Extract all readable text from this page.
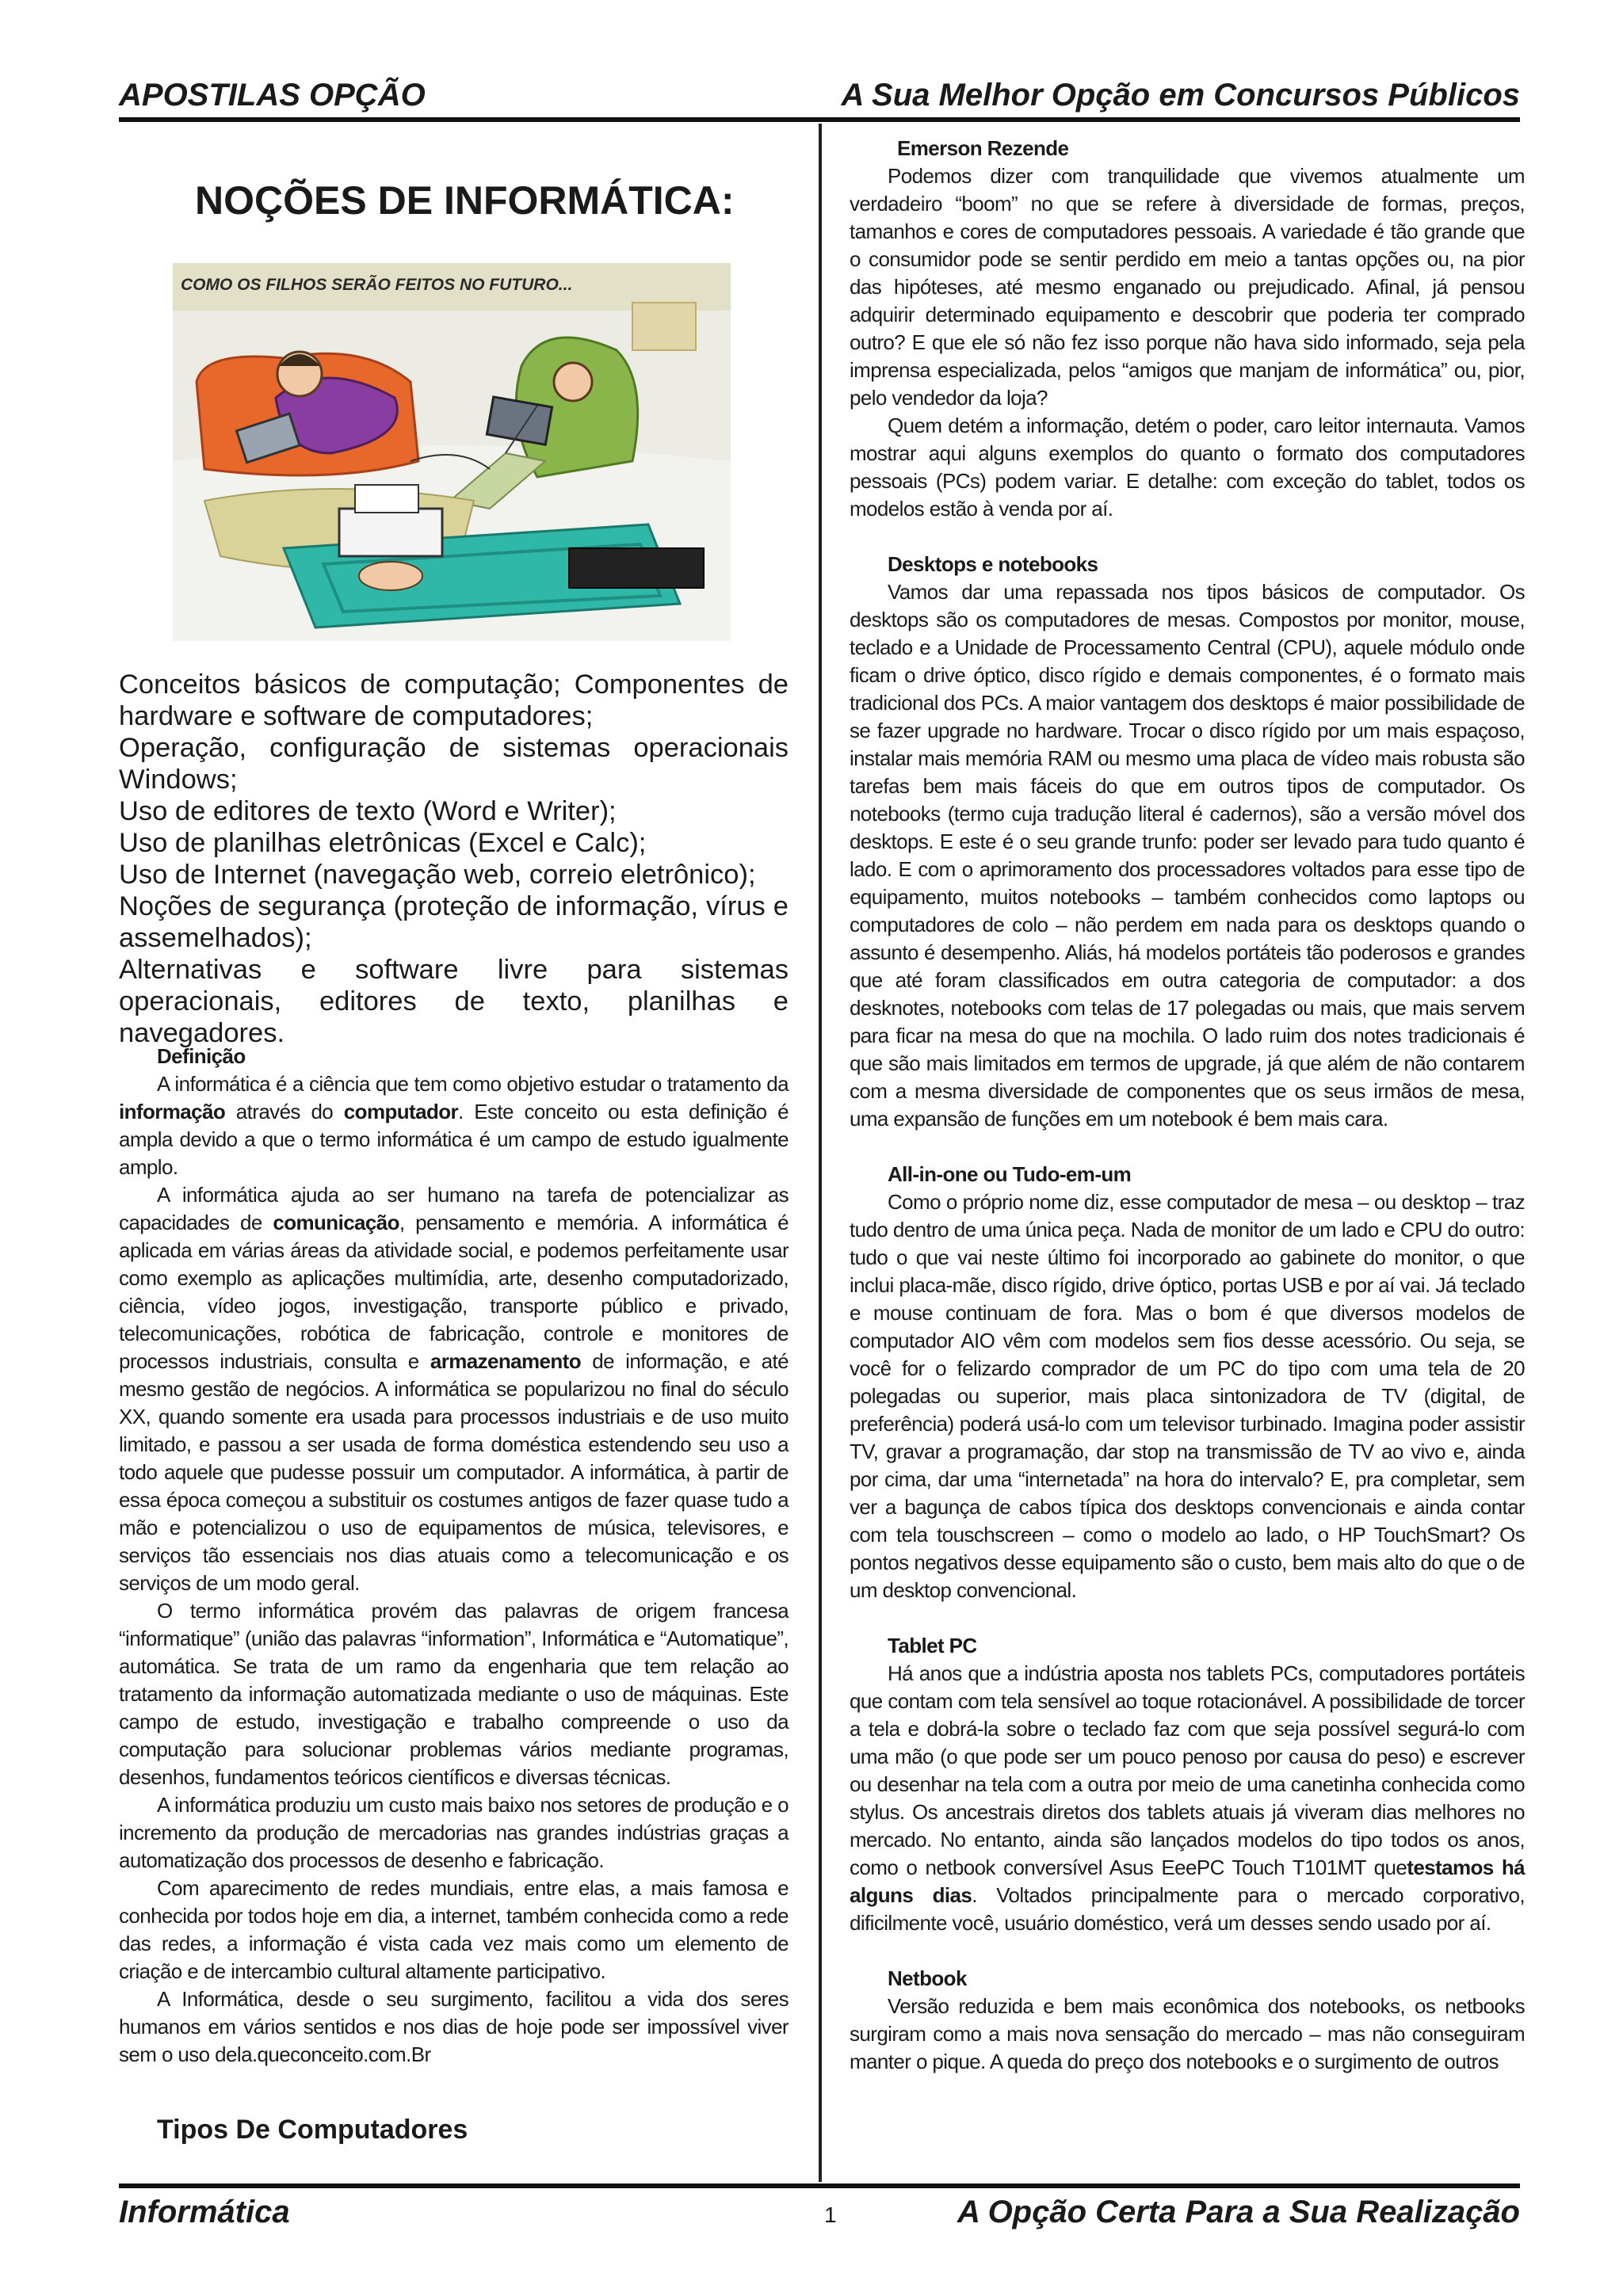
APOSTILAS OPÇÃO	A Sua Melhor Opção em Concursos Públicos
NOÇÕES DE INFORMÁTICA:
COMO OS FILHOS SERÃO FEITOS NO FUTURO...

Conceitos básicos de computação; Componentes de hardware e software de computadores;

Operação, configuração de sistemas operacionais Windows;

Uso de editores de texto (Word e Writer);

Uso de planilhas eletrônicas (Excel e Calc);

Uso de Internet (navegação web, correio eletrônico);

Noções de segurança (proteção de informação, vírus e assemelhados);

Alternativas e software livre para sistemas operacionais, editores de texto, planilhas e navegadores.

Definição

A informática é a ciência que tem como objetivo estudar o tratamento da informação através do computador. Este conceito ou esta definição é ampla devido a que o termo informática é um campo de estudo igualmente amplo.

A informática ajuda ao ser humano na tarefa de potencializar as capacidades de comunicação, pensamento e memória. A informática é aplicada em várias áreas da atividade social, e podemos perfeitamente usar como exemplo as aplicações multimídia, arte, desenho computadorizado, ciência, vídeo jogos, investigação, transporte público e privado, telecomunicações, robótica de fabricação, controle e monitores de processos industriais, consulta e armazenamento de informação, e até mesmo gestão de negócios. A informática se popularizou no final do século XX, quando somente era usada para processos industriais e de uso muito limitado, e passou a ser usada de forma doméstica estendendo seu uso a todo aquele que pudesse possuir um computador. A informática, à partir de essa época começou a substituir os costumes antigos de fazer quase tudo a mão e potencializou o uso de equipamentos de música, televisores, e serviços tão essenciais nos dias atuais como a telecomunicação e os serviços de um modo geral.

O termo informática provém das palavras de origem francesa “informatique” (união das palavras “information”, Informática e “Automatique”, automática. Se trata de um ramo da engenharia que tem relação ao tratamento da informação automatizada mediante o uso de máquinas. Este campo de estudo, investigação e trabalho compreende o uso da computação para solucionar problemas vários mediante programas, desenhos, fundamentos teóricos científicos e diversas técnicas.

A informática produziu um custo mais baixo nos setores de produção e o incremento da produção de mercadorias nas grandes indústrias graças a automatização dos processos de desenho e fabricação.

Com aparecimento de redes mundiais, entre elas, a mais famosa e conhecida por todos hoje em dia, a internet, também conhecida como a rede das redes, a informação é vista cada vez mais como um elemento de criação e de intercambio cultural altamente participativo.

A Informática, desde o seu surgimento, facilitou a vida dos seres humanos em vários sentidos e nos dias de hoje pode ser impossível viver sem o uso dela.queconceito.com.Br

Tipos De Computadores
Emerson Rezende

Podemos dizer com tranquilidade que vivemos atualmente um verdadeiro “boom” no que se refere à diversidade de formas, preços, tamanhos e cores de computadores pessoais. A variedade é tão grande que o consumidor pode se sentir perdido em meio a tantas opções ou, na pior das hipóteses, até mesmo enganado ou prejudicado. Afinal, já pensou adquirir determinado equipamento e descobrir que poderia ter comprado outro? E que ele só não fez isso porque não hava sido informado, seja pela imprensa especializada, pelos “amigos que manjam de informática” ou, pior, pelo vendedor da loja?

Quem detém a informação, detém o poder, caro leitor internauta. Vamos mostrar aqui alguns exemplos do quanto o formato dos computadores pessoais (PCs) podem variar. E detalhe: com exceção do tablet, todos os modelos estão à venda por aí.

Desktops e notebooks

Vamos dar uma repassada nos tipos básicos de computador. Os desktops são os computadores de mesas. Compostos por monitor, mouse, teclado e a Unidade de Processamento Central (CPU), aquele módulo onde ficam o drive óptico, disco rígido e demais componentes, é o formato mais tradicional dos PCs. A maior vantagem dos desktops é maior possibilidade de se fazer upgrade no hardware. Trocar o disco rígido por um mais espaçoso, instalar mais memória RAM ou mesmo uma placa de vídeo mais robusta são tarefas bem mais fáceis do que em outros tipos de computador. Os notebooks (termo cuja tradução literal é cadernos), são a versão móvel dos desktops. E este é o seu grande trunfo: poder ser levado para tudo quanto é lado. E com o aprimoramento dos processadores voltados para esse tipo de equipamento, muitos notebooks – também conhecidos como laptops ou computadores de colo – não perdem em nada para os desktops quando o assunto é desempenho. Aliás, há modelos portáteis tão poderosos e grandes que até foram classificados em outra categoria de computador: a dos desknotes, notebooks com telas de 17 polegadas ou mais, que mais servem para ficar na mesa do que na mochila. O lado ruim dos notes tradicionais é que são mais limitados em termos de upgrade, já que além de não contarem com a mesma diversidade de componentes que os seus irmãos de mesa, uma expansão de funções em um notebook é bem mais cara.

All-in-one ou Tudo-em-um

Como o próprio nome diz, esse computador de mesa – ou desktop – traz tudo dentro de uma única peça. Nada de monitor de um lado e CPU do outro: tudo o que vai neste último foi incorporado ao gabinete do monitor, o que inclui placa-mãe, disco rígido, drive óptico, portas USB e por aí vai. Já teclado e mouse continuam de fora. Mas o bom é que diversos modelos de computador AIO vêm com modelos sem fios desse acessório. Ou seja, se você for o felizardo comprador de um PC do tipo com uma tela de 20 polegadas ou superior, mais placa sintonizadora de TV (digital, de preferência) poderá usá-lo com um televisor turbinado. Imagina poder assistir TV, gravar a programação, dar stop na transmissão de TV ao vivo e, ainda por cima, dar uma “internetada” na hora do intervalo? E, pra completar, sem ver a bagunça de cabos típica dos desktops convencionais e ainda contar com tela touschscreen – como o modelo ao lado, o HP TouchSmart? Os pontos negativos desse equipamento são o custo, bem mais alto do que o de um desktop convencional.

Tablet PC

Há anos que a indústria aposta nos tablets PCs, computadores portáteis que contam com tela sensível ao toque rotacionável. A possibilidade de torcer a tela e dobrá-la sobre o teclado faz com que seja possível segurá-lo com uma mão (o que pode ser um pouco penoso por causa do peso) e escrever ou desenhar na tela com a outra por meio de uma canetinha conhecida como stylus. Os ancestrais diretos dos tablets atuais já viveram dias melhores no mercado. No entanto, ainda são lançados modelos do tipo todos os anos, como o netbook conversível Asus EeePC Touch T101MT quetestamos há alguns dias. Voltados principalmente para o mercado corporativo, dificilmente você, usuário doméstico, verá um desses sendo usado por aí.

Netbook

Versão reduzida e bem mais econômica dos notebooks, os netbooks surgiram como a mais nova sensação do mercado – mas não conseguiram manter o pique. A queda do preço dos notebooks e o surgimento de outros

Informática	A Opção Certa Para a Sua Realização
1
